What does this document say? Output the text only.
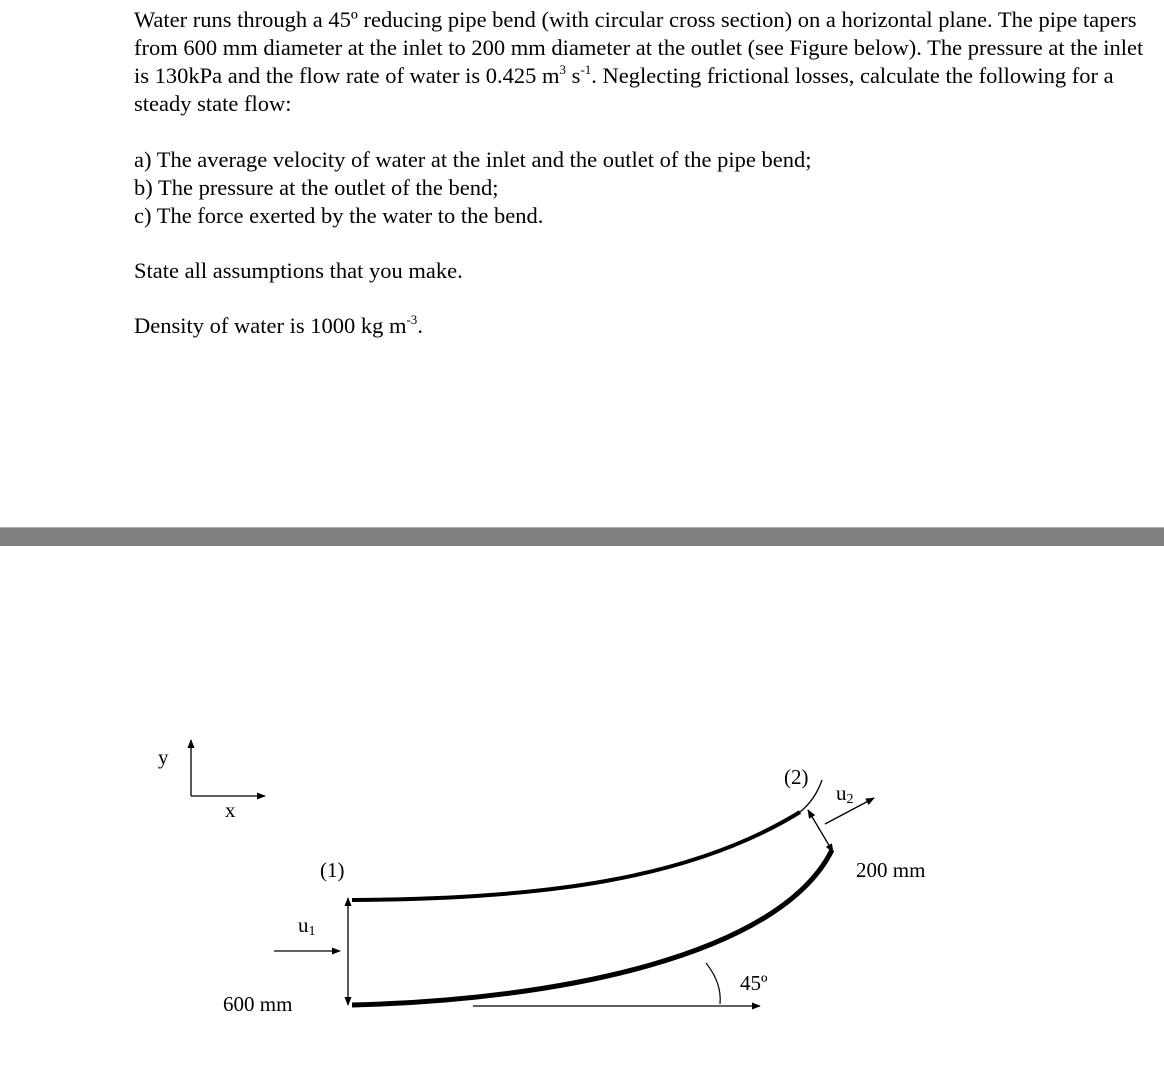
Water runs through a 45º reducing pipe bend (with circular cross section) on a horizontal plane. The pipe tapers from 600 mm diameter at the inlet to 200 mm diameter at the outlet (see Figure below). The pressure at the inlet is 130kPa and the flow rate of water is 0.425 $m^3$ $s^{-1}$. Neglecting frictional losses, calculate the following for a steady state flow:

a) The average velocity of water at the inlet and the outlet of the pipe bend;

b) The pressure at the outlet of the bend;

c) The force exerted by the water to the bend.

State all assumptions that you make.

Density of water is 1000 kg $m^{-3}$.

y
x
u1
u2
(1)
(2)
600 mm
200 mm
45º
